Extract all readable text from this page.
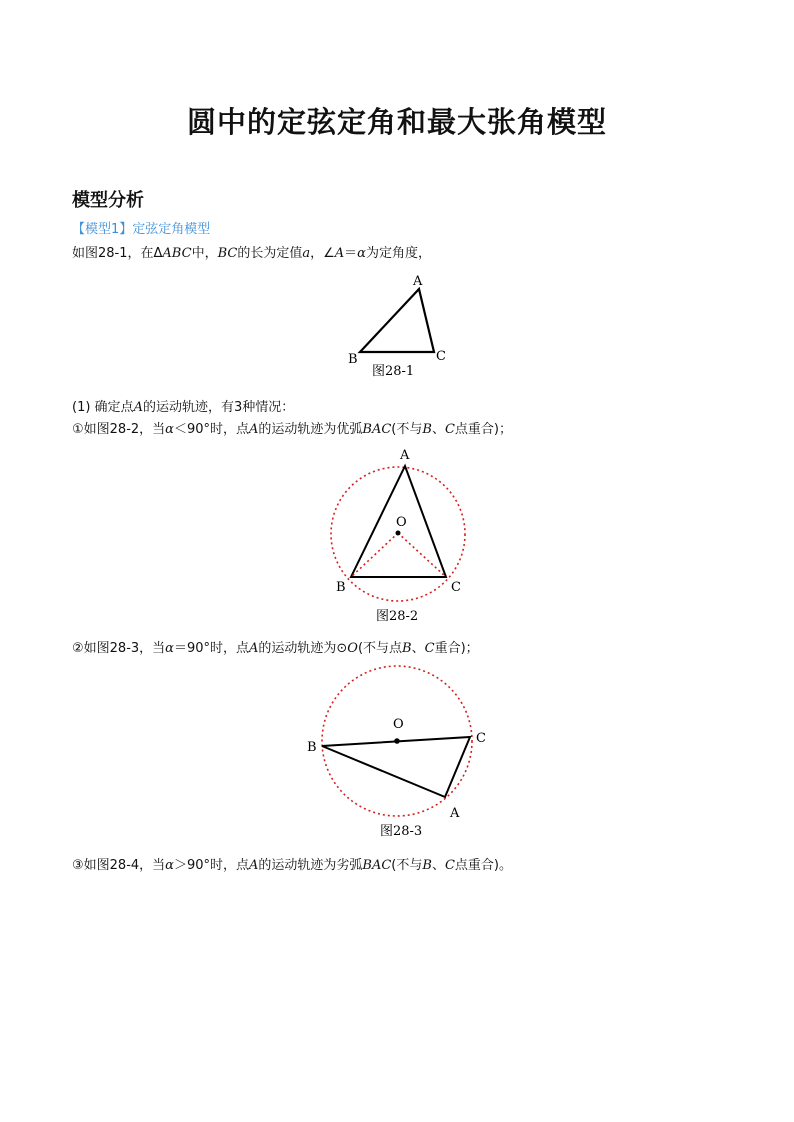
圆中的定弦定角和最大张角模型
模型分析
【模型1】定弦定角模型
如图28-1，在ΔABC中，BC的长为定值a，∠A＝α为定角度，
A
B	C
图28-1
(1) 确定点A的运动轨迹，有3种情况：
①如图28-2，当α＜90°时，点A的运动轨迹为优弧BAC(不与B、C点重合)；
A
O
B	C
图28-2
②如图28-3，当α＝90°时，点A的运动轨迹为⊙O(不与点B、C重合)；
O
B
C
A
图28-3
③如图28-4，当α＞90°时，点A的运动轨迹为劣弧BAC(不与B、C点重合)。
